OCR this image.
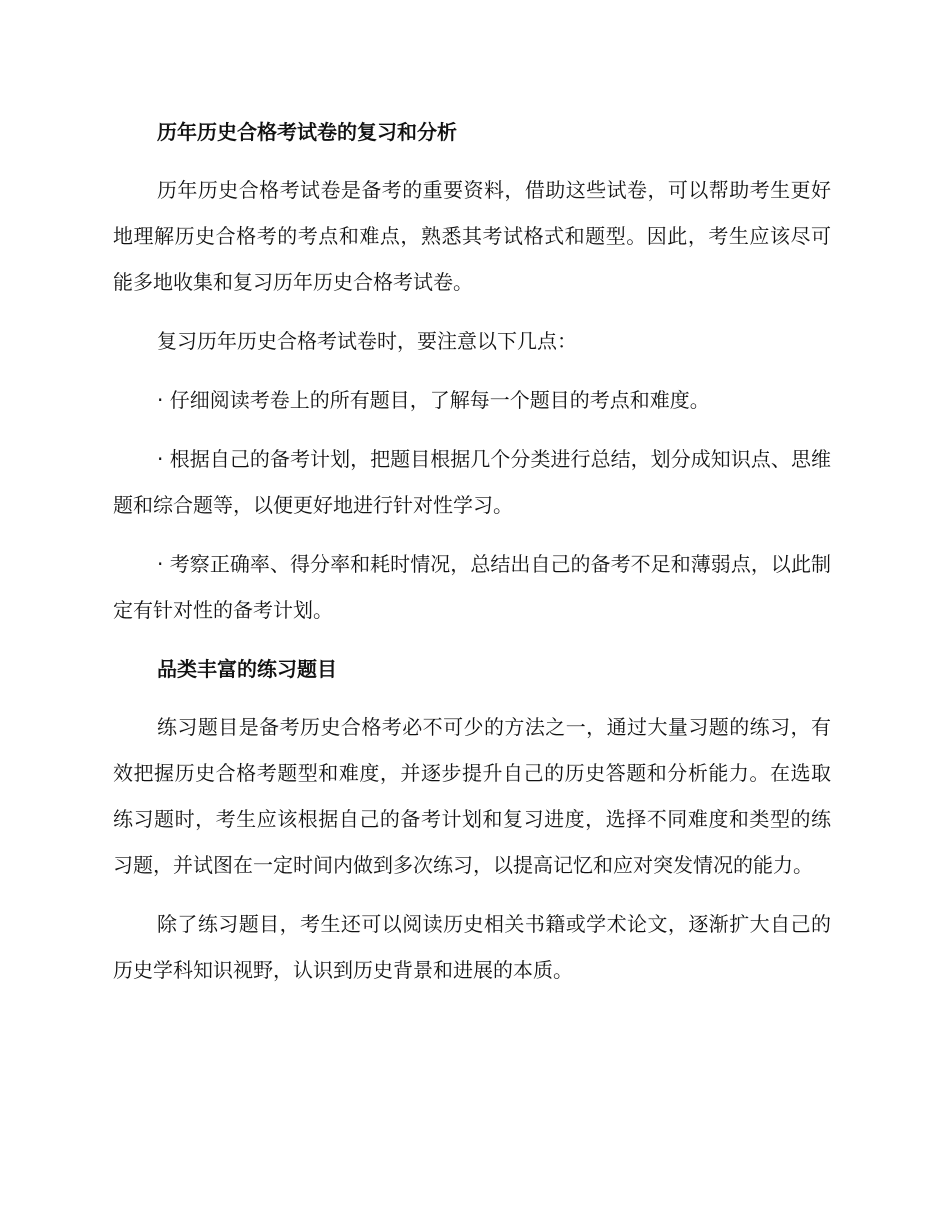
历年历史合格考试卷的复习和分析

历年历史合格考试卷是备考的重要资料，借助这些试卷，可以帮助考生更好地理解历史合格考的考点和难点，熟悉其考试格式和题型。因此，考生应该尽可能多地收集和复习历年历史合格考试卷。

复习历年历史合格考试卷时，要注意以下几点：

· 仔细阅读考卷上的所有题目，了解每一个题目的考点和难度。

· 根据自己的备考计划，把题目根据几个分类进行总结，划分成知识点、思维题和综合题等，以便更好地进行针对性学习。

· 考察正确率、得分率和耗时情况，总结出自己的备考不足和薄弱点，以此制定有针对性的备考计划。

品类丰富的练习题目

练习题目是备考历史合格考必不可少的方法之一，通过大量习题的练习，有效把握历史合格考题型和难度，并逐步提升自己的历史答题和分析能力。在选取练习题时，考生应该根据自己的备考计划和复习进度，选择不同难度和类型的练习题，并试图在一定时间内做到多次练习，以提高记忆和应对突发情况的能力。

除了练习题目，考生还可以阅读历史相关书籍或学术论文，逐渐扩大自己的历史学科知识视野，认识到历史背景和进展的本质。
